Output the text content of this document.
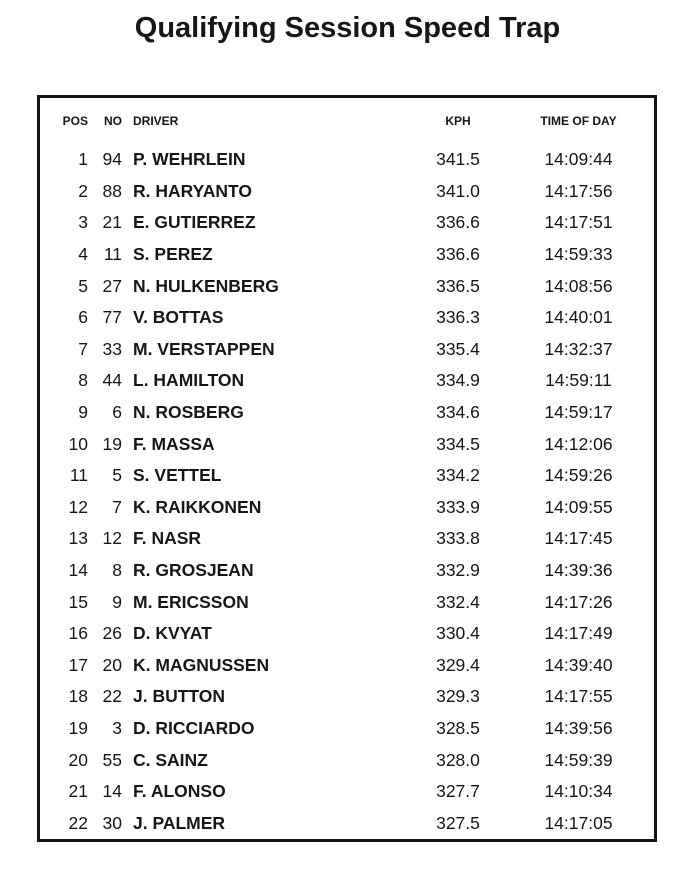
Qualifying Session Speed Trap
POS	NO DRIVER	KPH	TIME OF DAY
1 94 P. WEHRLEIN	341.5	14:09:44
2 88 R. HARYANTO	341.0	14:17:56
3 21 E. GUTIERREZ	336.6	14:17:51
4 11 S. PEREZ	336.6	14:59:33
5 27 N. HULKENBERG	336.5	14:08:56
6 77 V. BOTTAS	336.3	14:40:01
7 33 M. VERSTAPPEN	335.4	14:32:37
8 44 L. HAMILTON	334.9	14:59:11
9	6 N. ROSBERG	334.6	14:59:17
10 19 F. MASSA	334.5	14:12:06
11	5 S. VETTEL	334.2	14:59:26
12	7 K. RAIKKONEN	333.9	14:09:55
13 12 F. NASR	333.8	14:17:45
14	8 R. GROSJEAN	332.9	14:39:36
15	9 M. ERICSSON	332.4	14:17:26
16 26 D. KVYAT	330.4	14:17:49
17 20 K. MAGNUSSEN	329.4	14:39:40
18 22 J. BUTTON	329.3	14:17:55
19	3 D. RICCIARDO	328.5	14:39:56
20 55 C. SAINZ	328.0	14:59:39
21 14 F. ALONSO	327.7	14:10:34
22 30 J. PALMER	327.5	14:17:05
